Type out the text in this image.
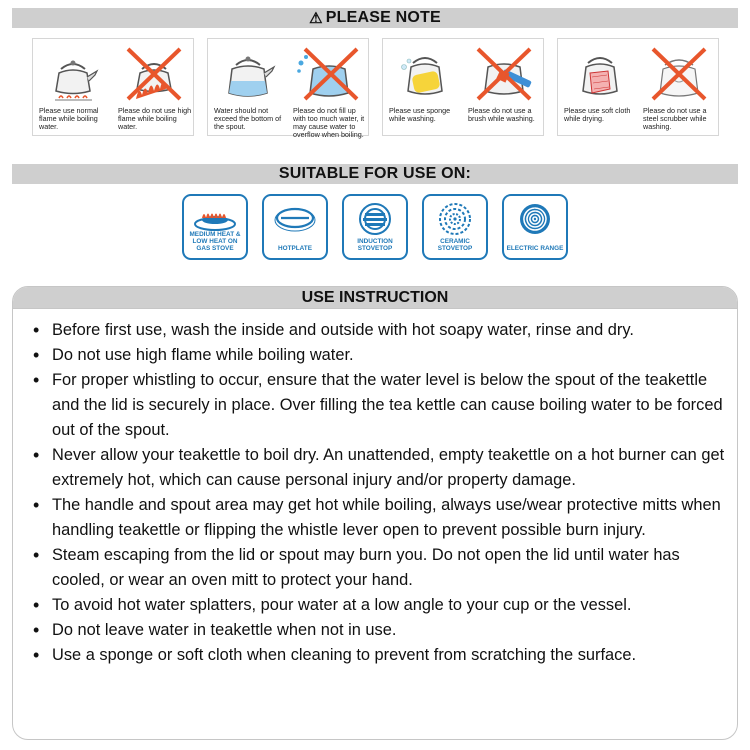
⚠ PLEASE NOTE
Please use normal flame while boiling water.
Please do not use high flame while boiling water.
Water should not exceed the bottom of the spout.
Please do not fill up with too much water, it may cause water to overflow when boiling.
Please use sponge while washing.
Please do not use a brush while washing.
Please use soft cloth while drying.
Please do not use a steel scrubber while washing.
SUITABLE FOR USE ON:
MEDIUM HEAT & LOW HEAT ON GAS STOVE	HOTPLATE
INDUCTION STOVETOP
CERAMIC STOVETOP	ELECTRIC RANGE
USE INSTRUCTION
• Before first use, wash the inside and outside with hot soapy water, rinse and dry.
• Do not use high flame while boiling water.
• For proper whistling to occur, ensure that the water level is below the spout of the teakettle and the lid is securely in place. Over filling the tea kettle can cause boiling water to be forced out of the spout.
• Never allow your teakettle to boil dry. An unattended, empty teakettle on a hot burner can get extremely hot, which can cause personal injury and/or property damage.
• The handle and spout area may get hot while boiling, always use/wear protective mitts when handling teakettle or flipping the whistle lever open to prevent possible burn injury.
• Steam escaping from the lid or spout may burn you. Do not open the lid until water has cooled, or wear an oven mitt to protect your hand.
• To avoid hot water splatters, pour water at a low angle to your cup or the vessel.
• Do not leave water in teakettle when not in use.
• Use a sponge or soft cloth when cleaning to prevent from scratching the surface.
